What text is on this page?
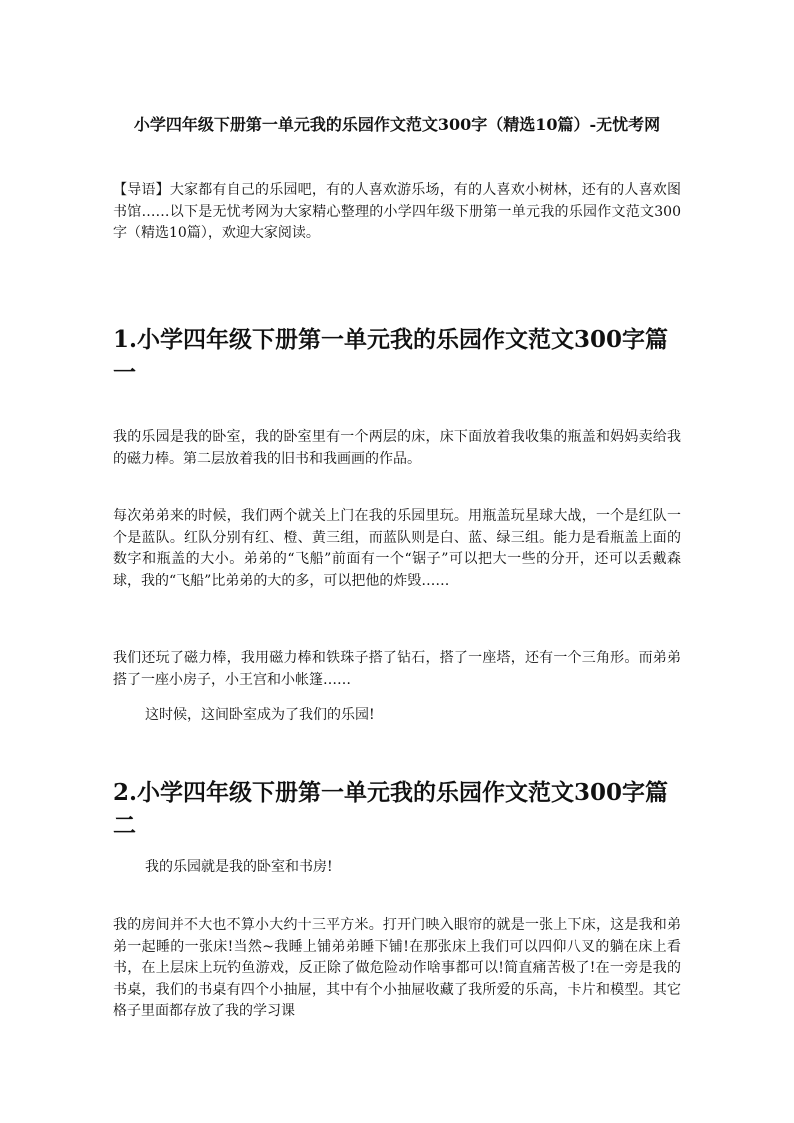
小学四年级下册第一单元我的乐园作文范文300字（精选10篇）-无忧考网

【导语】大家都有自己的乐园吧，有的人喜欢游乐场，有的人喜欢小树林，还有的人喜欢图书馆……以下是无忧考网为大家精心整理的小学四年级下册第一单元我的乐园作文范文300字（精选10篇），欢迎大家阅读。

1.小学四年级下册第一单元我的乐园作文范文300字篇一

我的乐园是我的卧室，我的卧室里有一个两层的床，床下面放着我收集的瓶盖和妈妈卖给我的磁力棒。第二层放着我的旧书和我画画的作品。

每次弟弟来的时候，我们两个就关上门在我的乐园里玩。用瓶盖玩星球大战，一个是红队一个是蓝队。红队分别有红、橙、黄三组，而蓝队则是白、蓝、绿三组。能力是看瓶盖上面的数字和瓶盖的大小。弟弟的“飞船”前面有一个“锯子”可以把大一些的分开，还可以丢戴森球，我的“飞船”比弟弟的大的多，可以把他的炸毁……

我们还玩了磁力棒，我用磁力棒和铁珠子搭了钻石，搭了一座塔，还有一个三角形。而弟弟搭了一座小房子，小王宫和小帐篷……

这时候，这间卧室成为了我们的乐园!

2.小学四年级下册第一单元我的乐园作文范文300字篇二

我的乐园就是我的卧室和书房!

我的房间并不大也不算小大约十三平方米。打开门映入眼帘的就是一张上下床，这是我和弟弟一起睡的一张床!当然~我睡上铺弟弟睡下铺!在那张床上我们可以四仰八叉的躺在床上看书，在上层床上玩钓鱼游戏，反正除了做危险动作啥事都可以!简直痛苦极了!在一旁是我的书桌，我们的书桌有四个小抽屉，其中有个小抽屉收藏了我所爱的乐高，卡片和模型。其它格子里面都存放了我的学习课
